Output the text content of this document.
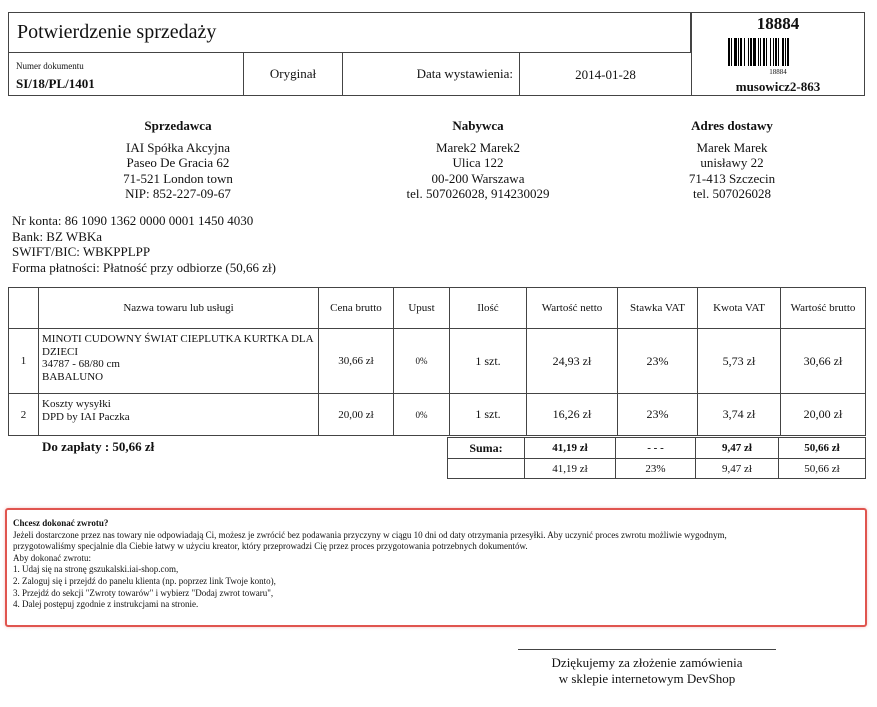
Potwierdzenie sprzedaży
Numer dokumentu
SI/18/PL/1401
Oryginał	Data wystawienia:	2014-01-28
18884
18884
musowicz2-863
Sprzedawca
IAI Spółka Akcyjna
Paseo De Gracia 62
71-521 London town
NIP: 852-227-09-67
Nabywca
Marek2 Marek2
Ulica 122
00-200 Warszawa
tel. 507026028, 914230029
Adres dostawy
Marek Marek
unisławy 22
71-413 Szczecin
tel. 507026028
Nr konta: 86 1090 1362 0000 0001 1450 4030
Bank: BZ WBKa
SWIFT/BIC: WBKPPLPP
Forma płatności: Płatność przy odbiorze (50,66 zł)
	Nazwa towaru lub usługi	Cena brutto	Upust	Ilość	Wartość netto	Stawka VAT	Kwota VAT	Wartość brutto
1	MINOTI CUDOWNY ŚWIAT CIEPLUTKA KURTKA DLA DZIECI
34787 - 68/80 cm
BABALUNO	30,66 zł	0%	1 szt.	24,93 zł	23%	5,73 zł	30,66 zł
2	Koszty wysyłki
DPD by IAI Paczka	20,00 zł	0%	1 szt.	16,26 zł	23%	3,74 zł	20,00 zł
Do zapłaty : 50,66 zł	Suma:	41,19 zł	- - -	9,47 zł	50,66 zł
	41,19 zł	23%	9,47 zł	50,66 zł
Chcesz dokonać zwrotu?
Jeżeli dostarczone przez nas towary nie odpowiadają Ci, możesz je zwrócić bez podawania przyczyny w ciągu 10 dni od daty otrzymania przesyłki. Aby uczynić proces zwrotu możliwie wygodnym,
przygotowaliśmy specjalnie dla Ciebie łatwy w użyciu kreator, który przeprowadzi Cię przez proces przygotowania potrzebnych dokumentów.
Aby dokonać zwrotu:
1. Udaj się na stronę gszukalski.iai-shop.com,
2. Zaloguj się i przejdź do panelu klienta (np. poprzez link Twoje konto),
3. Przejdź do sekcji "Zwroty towarów" i wybierz "Dodaj zwrot towaru",
4. Dalej postępuj zgodnie z instrukcjami na stronie.
Dziękujemy za złożenie zamówienia
w sklepie internetowym DevShop
